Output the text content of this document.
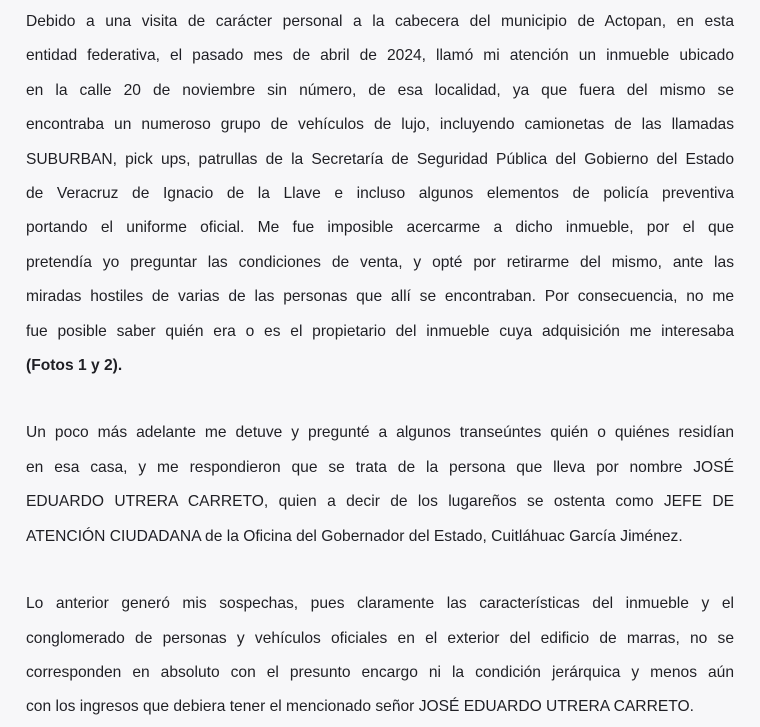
Debido a una visita de carácter personal a la cabecera del municipio de Actopan, en esta
entidad federativa, el pasado mes de abril de 2024, llamó mi atención un inmueble ubicado
en la calle 20 de noviembre sin número, de esa localidad, ya que fuera del mismo se
encontraba un numeroso grupo de vehículos de lujo, incluyendo camionetas de las llamadas
SUBURBAN, pick ups, patrullas de la Secretaría de Seguridad Pública del Gobierno del Estado
de Veracruz de Ignacio de la Llave e incluso algunos elementos de policía preventiva
portando el uniforme oficial. Me fue imposible acercarme a dicho inmueble, por el que
pretendía yo preguntar las condiciones de venta, y opté por retirarme del mismo, ante las
miradas hostiles de varias de las personas que allí se encontraban. Por consecuencia, no me
fue posible saber quién era o es el propietario del inmueble cuya adquisición me interesaba
(Fotos 1 y 2).

Un poco más adelante me detuve y pregunté a algunos transeúntes quién o quiénes residían
en esa casa, y me respondieron que se trata de la persona que lleva por nombre JOSÉ
EDUARDO UTRERA CARRETO, quien a decir de los lugareños se ostenta como JEFE DE
ATENCIÓN CIUDADANA de la Oficina del Gobernador del Estado, Cuitláhuac García Jiménez.

Lo anterior generó mis sospechas, pues claramente las características del inmueble y el
conglomerado de personas y vehículos oficiales en el exterior del edificio de marras, no se
corresponden en absoluto con el presunto encargo ni la condición jerárquica y menos aún
con los ingresos que debiera tener el mencionado señor JOSÉ EDUARDO UTRERA CARRETO.
